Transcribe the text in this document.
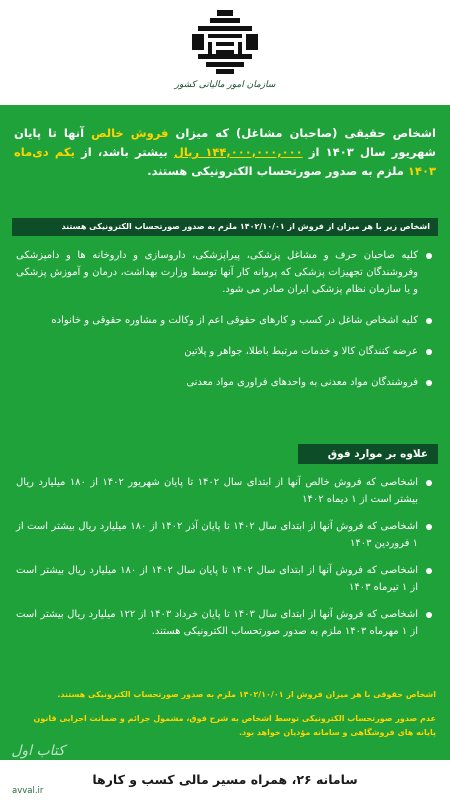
سازمان امور مالیاتی کشور
اشخاص حقیقی (صاحبان مشاغل) که میزان فروش خالص آنها تا پایان شهریور سال ۱۴۰۳ از ۱۴۴,۰۰۰,۰۰۰,۰۰۰ ریال بیشتر باشد، از یکم دی‌ماه ۱۴۰۳ ملزم به صدور صورتحساب الکترونیکی هستند.
اشخاص زیر با هر میزان از فروش از ۱۴۰۲/۱۰/۰۱ ملزم به صدور صورتحساب الکترونیکی هستند
کلیه صاحبان حرف و مشاغل پزشکی، پیراپزشکی، داروسازی و داروخانه ها و دامپزشکی وفروشندگان تجهیزات پزشکی که پروانه کار آنها توسط وزارت بهداشت، درمان و آموزش پزشکی و یا سازمان نظام پزشکی ایران صادر می شود.
کلیه اشخاص شاغل در کسب و کارهای حقوقی اعم از وکالت و مشاوره حقوقی و خانواده
عرضه کنندگان کالا و خدمات مرتبط باطلا، جواهر و پلاتین
فروشندگان مواد معدنی به واحدهای فراوری مواد معدنی
علاوه بر موارد فوق
اشخاصی که فروش خالص آنها از ابتدای سال ۱۴۰۲ تا پایان شهریور ۱۴۰۲ از ۱۸۰ میلیارد ریال بیشتر است از ۱ دیماه ۱۴۰۲
اشخاصی که فروش آنها از ابتدای سال ۱۴۰۲ تا پایان آذر ۱۴۰۲ از ۱۸۰ میلیارد ریال بیشتر است از ۱ فروردین ۱۴۰۳
اشخاصی که فروش آنها از ابتدای سال ۱۴۰۲ تا پایان سال ۱۴۰۲ از ۱۸۰ میلیارد ریال بیشتر است از ۱ تیرماه ۱۴۰۳
اشخاصی که فروش آنها از ابتدای سال ۱۴۰۳ تا پایان خرداد ۱۴۰۳ از ۱۲۲ میلیارد ریال بیشتر است از ۱ مهرماه ۱۴۰۳ ملزم به صدور صورتحساب الکترونیکی هستند.
اشخاص حقوقی با هر میزان فروش از ۱۴۰۲/۱۰/۰۱ ملزم به صدور صورتحساب الکترونیکی هستند.
عدم صدور صورتحساب الکترونیکی توسط اشخاص به شرح فوق، مشمول جرائم و ضمانت اجرایی قانون پایانه های فروشگاهی و سامانه مؤدیان خواهد بود.
سامانه ۲۶، همراه مسیر مالی کسب و کارها
کتاب اول
avval.ir
